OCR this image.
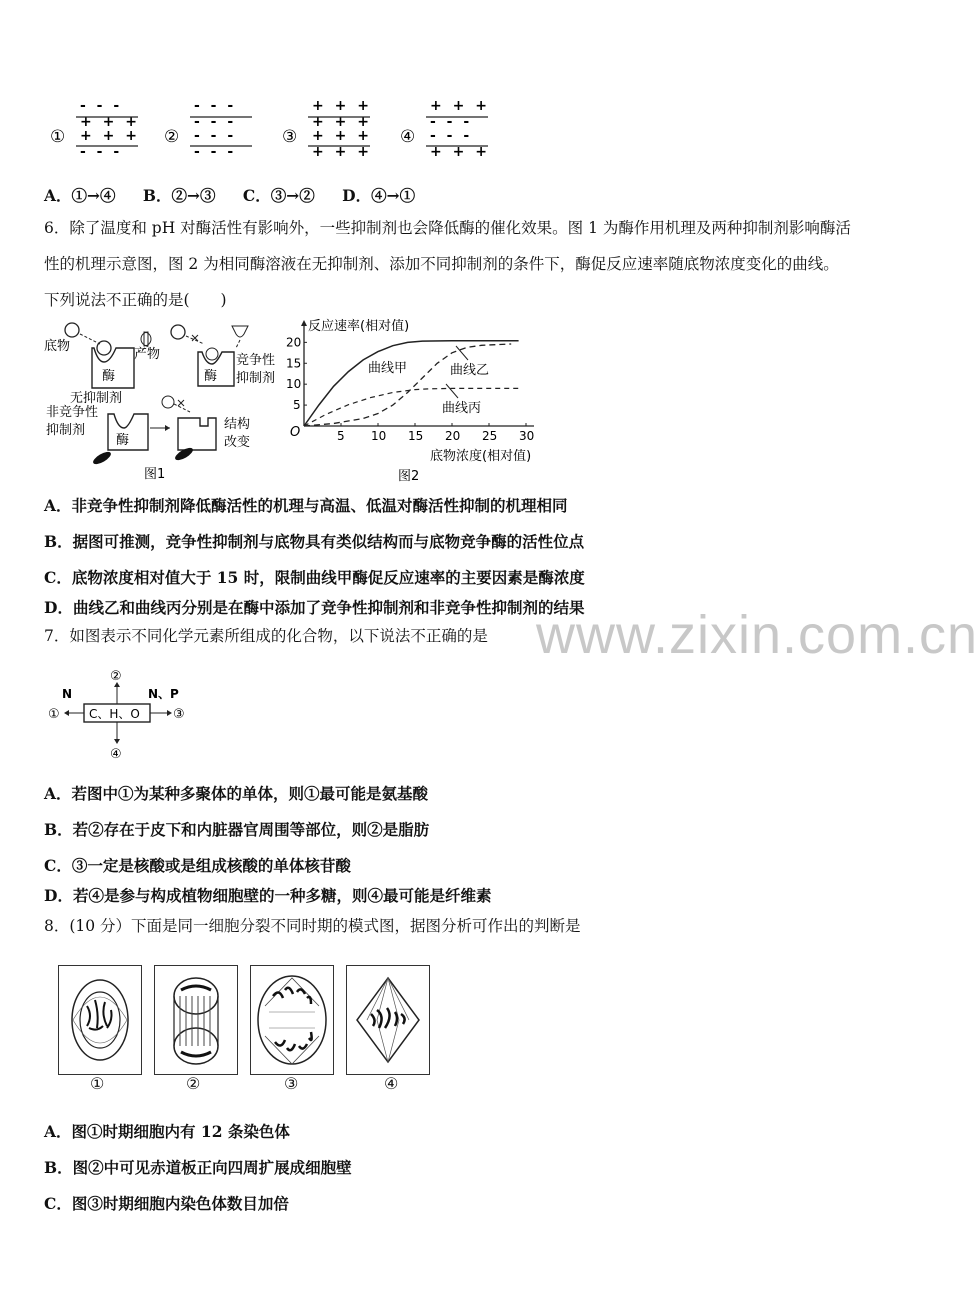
①
- - -
+ + +
+ + +
- - -
②
- - -
- - -
- - -
- - -
③
+ + +
+ + +
+ + +
+ + +
④
+ + +
- - -
- - -
+ + +
A．①→④ B．②→③ C．③→② D．④→①
6．除了温度和 pH 对酶活性有影响外，一些抑制剂也会降低酶的催化效果。图 1 为酶作用机理及两种抑制剂影响酶活
性的机理示意图，图 2 为相同酶溶液在无抑制剂、添加不同抑制剂的条件下，酶促反应速率随底物浓度变化的曲线。
下列说法不正确的是(　　)
底物
产物
酶
无抑制剂
酶
竞争性
抑制剂
非竞争性
抑制剂
酶
结构
改变
图1
反应速率(相对值)
底物浓度(相对值)
图2
O	5 10 15 20 25 30
5
10
15
20
曲线甲	曲线乙
曲线丙
A．非竞争性抑制剂降低酶活性的机理与高温、低温对酶活性抑制的机理相同
B．据图可推测，竞争性抑制剂与底物具有类似结构而与底物竞争酶的活性位点
C．底物浓度相对值大于 15 时，限制曲线甲酶促反应速率的主要因素是酶浓度
D．曲线乙和曲线丙分别是在酶中添加了竞争性抑制剂和非竞争性抑制剂的结果
www.zixin.com.cn
7．如图表示不同化学元素所组成的化合物，以下说法不正确的是
C、H、O
②
④
①	③
N	N、P
A．若图中①为某种多聚体的单体，则①最可能是氨基酸
B．若②存在于皮下和内脏器官周围等部位，则②是脂肪
C．③一定是核酸或是组成核酸的单体核苷酸
D．若④是参与构成植物细胞壁的一种多糖，则④最可能是纤维素
8．(10 分）下面是同一细胞分裂不同时期的模式图，据图分析可作出的判断是
①	②	③	④
A．图①时期细胞内有 12 条染色体
B．图②中可见赤道板正向四周扩展成细胞壁
C．图③时期细胞内染色体数目加倍
